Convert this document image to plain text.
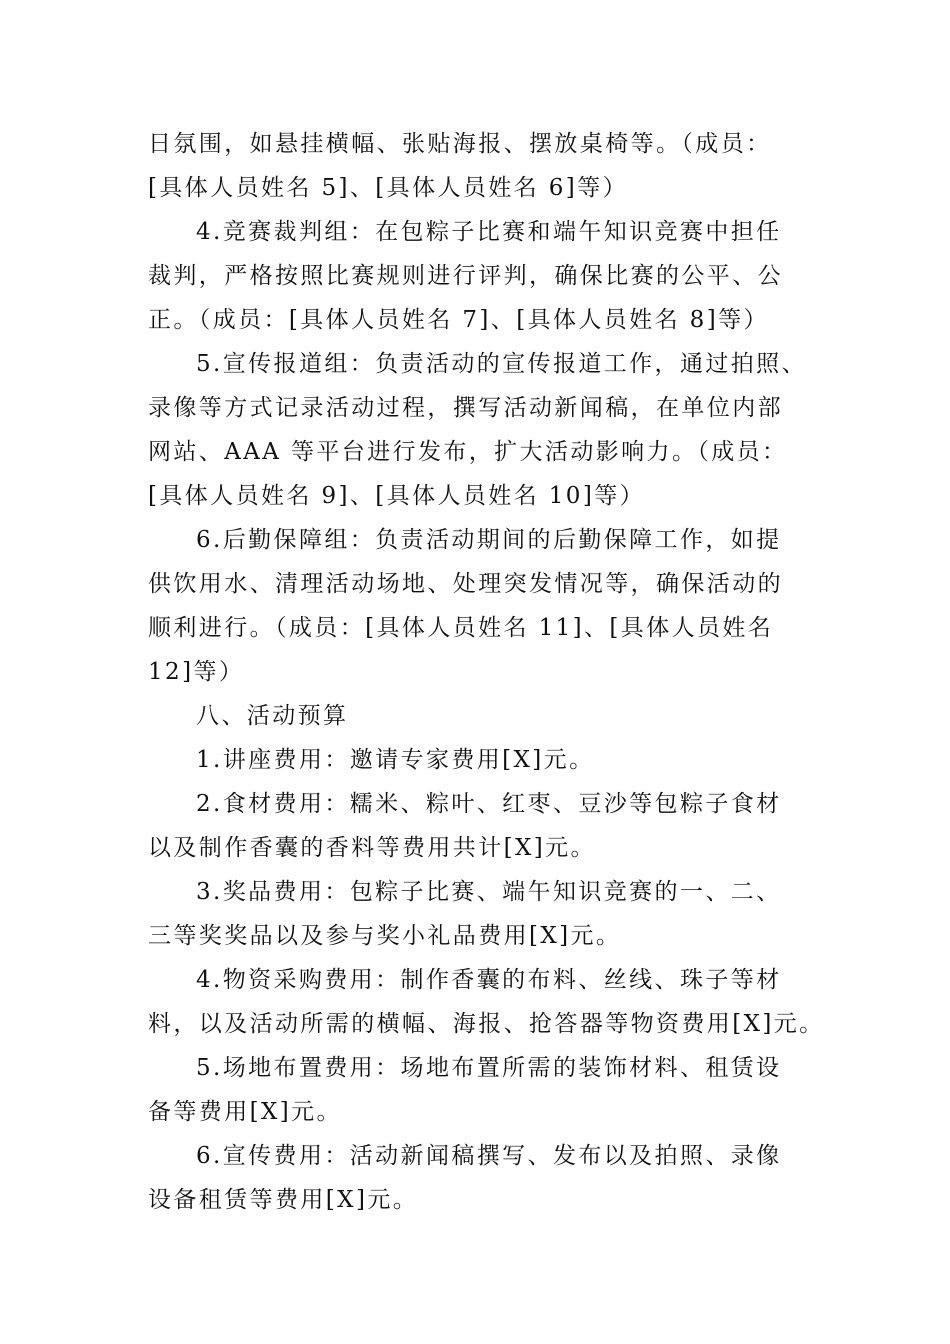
日氛围，如悬挂横幅、张贴海报、摆放桌椅等。（成员：
[具体人员姓名 5]、[具体人员姓名 6]等）
4.竞赛裁判组：在包粽子比赛和端午知识竞赛中担任
裁判，严格按照比赛规则进行评判，确保比赛的公平、公
正。（成员：[具体人员姓名 7]、[具体人员姓名 8]等）
5.宣传报道组：负责活动的宣传报道工作，通过拍照、
录像等方式记录活动过程，撰写活动新闻稿，在单位内部
网站、AAA 等平台进行发布，扩大活动影响力。（成员：
[具体人员姓名 9]、[具体人员姓名 10]等）
6.后勤保障组：负责活动期间的后勤保障工作，如提
供饮用水、清理活动场地、处理突发情况等，确保活动的
顺利进行。（成员：[具体人员姓名 11]、[具体人员姓名
12]等）
八、活动预算
1.讲座费用：邀请专家费用[X]元。
2.食材费用：糯米、粽叶、红枣、豆沙等包粽子食材
以及制作香囊的香料等费用共计[X]元。
3.奖品费用：包粽子比赛、端午知识竞赛的一、二、
三等奖奖品以及参与奖小礼品费用[X]元。
4.物资采购费用：制作香囊的布料、丝线、珠子等材
料，以及活动所需的横幅、海报、抢答器等物资费用[X]元。
5.场地布置费用：场地布置所需的装饰材料、租赁设
备等费用[X]元。
6.宣传费用：活动新闻稿撰写、发布以及拍照、录像
设备租赁等费用[X]元。
